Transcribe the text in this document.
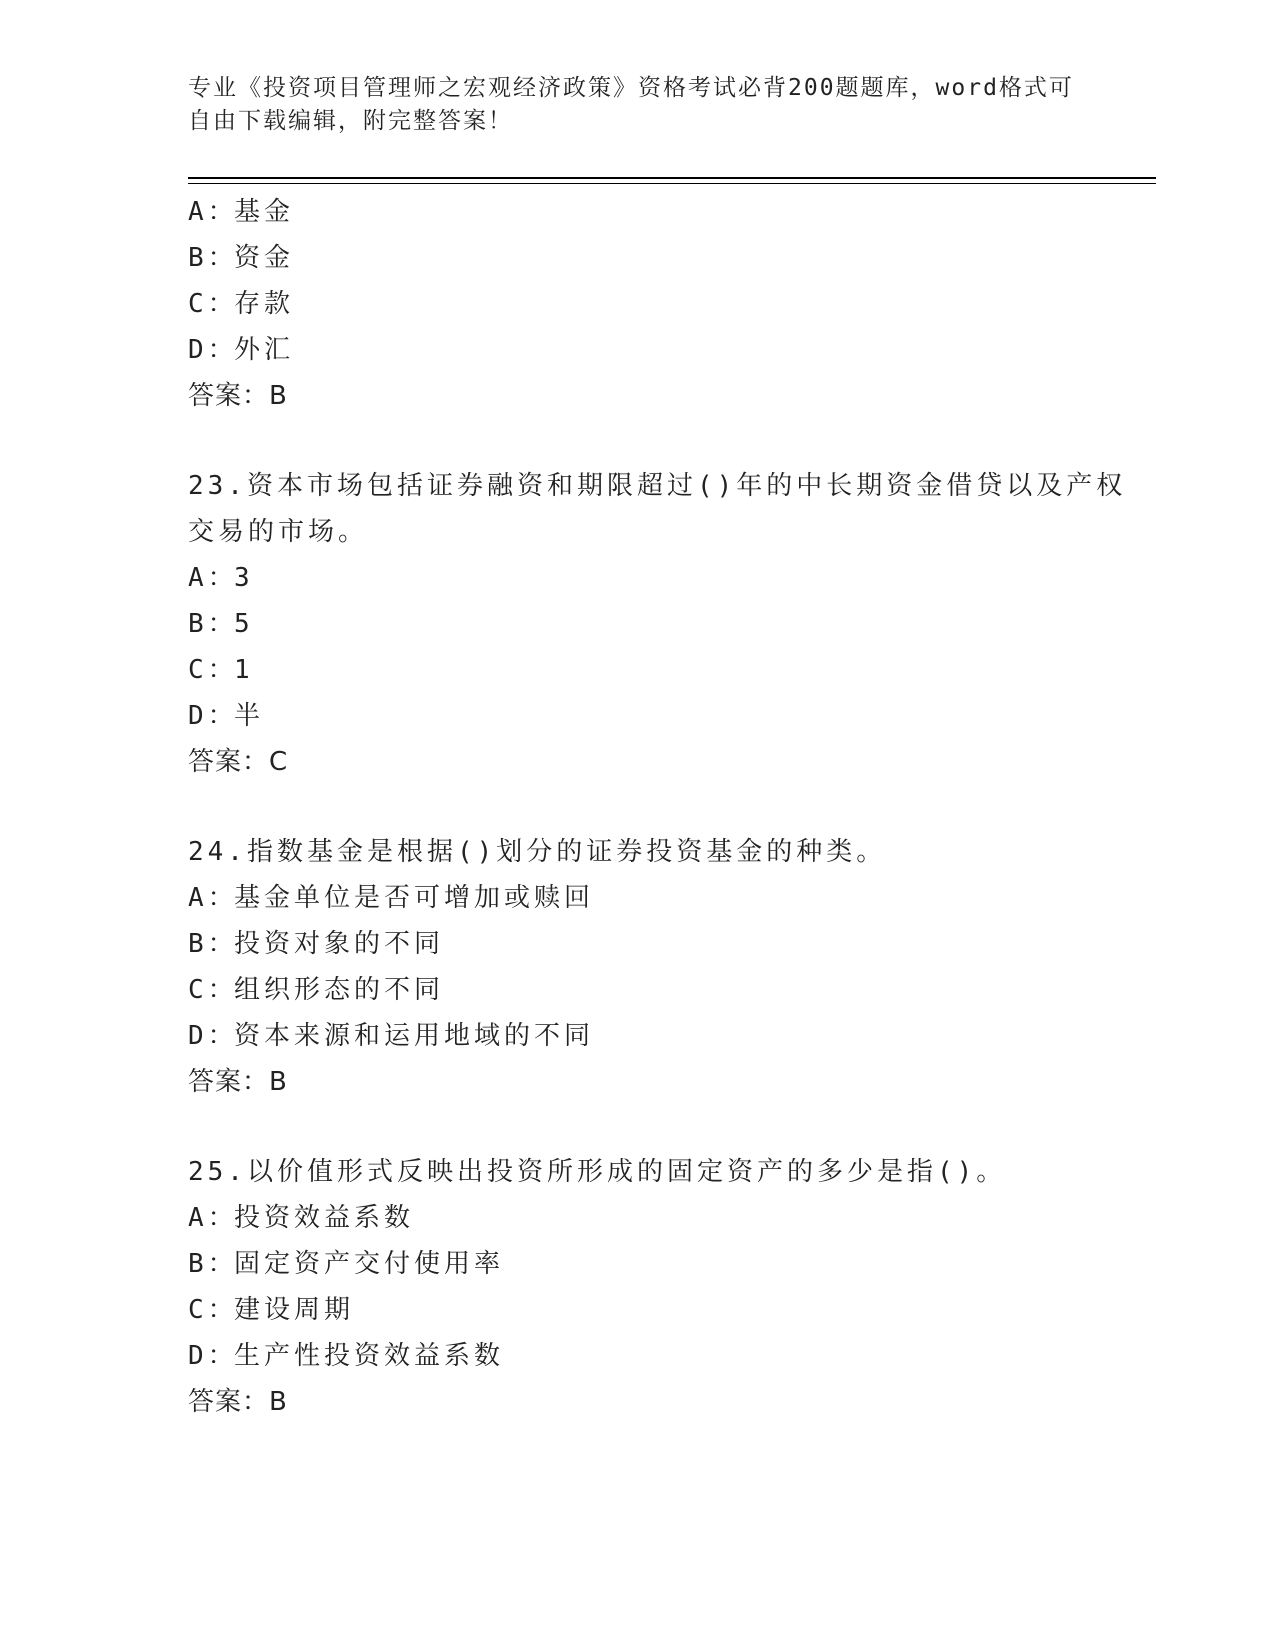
专业《投资项目管理师之宏观经济政策》资格考试必背200题题库，word格式可
自由下载编辑，附完整答案！
A：基金
B：资金
C：存款
D：外汇
答案：B
23.资本市场包括证券融资和期限超过()年的中长期资金借贷以及产权
交易的市场。
A：3
B：5
C：1
D：半
答案：C
24.指数基金是根据()划分的证券投资基金的种类。
A：基金单位是否可增加或赎回
B：投资对象的不同
C：组织形态的不同
D：资本来源和运用地域的不同
答案：B
25.以价值形式反映出投资所形成的固定资产的多少是指()。
A：投资效益系数
B：固定资产交付使用率
C：建设周期
D：生产性投资效益系数
答案：B
